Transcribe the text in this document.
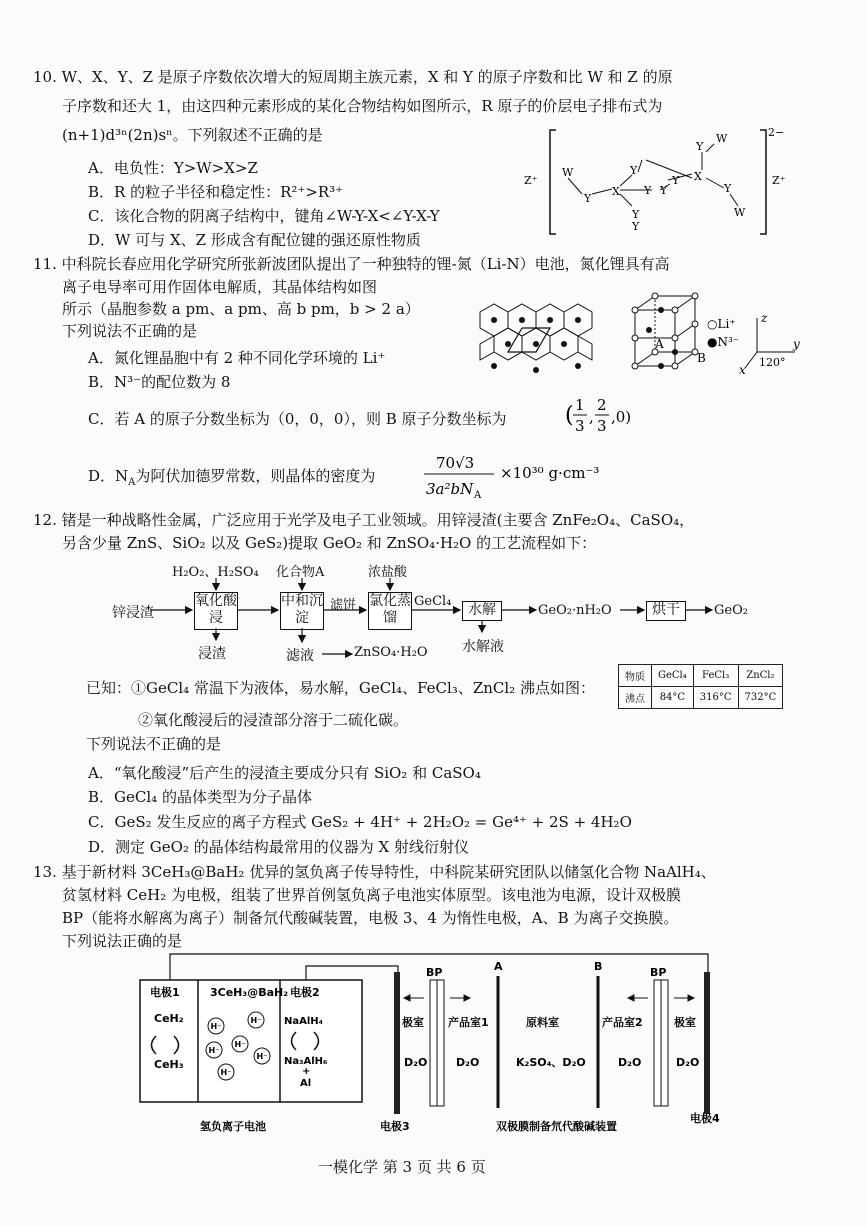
10. W、X、Y、Z 是原子序数依次增大的短周期主族元素，X 和 Y 的原子序数和比 W 和 Z 的原
子序数和还大 1，由这四种元素形成的某化合物结构如图所示，R 原子的价层电子排布式为
(n+1)d³ⁿ(2n)sⁿ。下列叙述不正确的是
A．电负性：Y>W>X>Z
B．R 的粒子半径和稳定性：R²⁺>R³⁺
C．该化合物的阴离子结构中，键角∠W-Y-X<∠Y-X-Y
D．W 可与 X、Z 形成含有配位键的强还原性物质
2−
Z⁺	Z⁺
W
Y
X
Y
Y
Y Y
Y
Y X
Y
W
Y
W
11. 中科院长春应用化学研究所张新波团队提出了一种独特的锂-氮（Li-N）电池，氮化锂具有高
离子电导率可用作固体电解质，其晶体结构如图
所示（晶胞参数 a pm、a pm、高 b pm，b > 2 a）
下列说法不正确的是
A．氮化锂晶胞中有 2 种不同化学环境的 Li⁺
B．N³⁻的配位数为 8
C．若 A 的原子分数坐标为（0，0，0），则 B 原子分数坐标为	( 1
3 ,
2
3 ,0)
D．$N_A$为阿伏加德罗常数，则晶体的密度为
70√3
3a²bN A
×10³⁰ g·cm⁻³
A
B
○Li⁺
●N³⁻
z
y
x
120°
12. 锗是一种战略性金属，广泛应用于光学及电子工业领域。用锌浸渣(主要含 ZnFe₂O₄、CaSO₄，
另含少量 ZnS、SiO₂ 以及 GeS₂)提取 GeO₂ 和 ZnSO₄·H₂O 的工艺流程如下：
H₂O₂、H₂SO₄ 化合物A	浓盐酸
锌浸渣
氧化酸浸
中和沉淀
氯化蒸馏	水解	烘干
滤饼	GeCl₄
GeO₂·nH₂O	GeO₂
浸渣	滤液	ZnSO₄·H₂O 水解液
已知：①GeCl₄ 常温下为液体，易水解，GeCl₄、FeCl₃、ZnCl₂ 沸点如图：
物质	GeCl₄	FeCl₃	ZnCl₂
沸点	84°C	316°C	732°C
②氧化酸浸后的浸渣部分溶于二硫化碳。
下列说法不正确的是
A．“氧化酸浸”后产生的浸渣主要成分只有 SiO₂ 和 CaSO₄
B．GeCl₄ 的晶体类型为分子晶体
C．GeS₂ 发生反应的离子方程式 GeS₂ + 4H⁺ + 2H₂O₂ = Ge⁴⁺ + 2S + 4H₂O
D．测定 GeO₂ 的晶体结构最常用的仪器为 X 射线衍射仪
13. 基于新材料 3CeH₃@BaH₂ 优异的氢负离子传导特性，中科院某研究团队以储氢化合物 NaAlH₄、
贫氢材料 CeH₂ 为电极，组装了世界首例氢负离子电池实体原型。该电池为电源，设计双极膜
BP（能将水解离为离子）制备氘代酸碱装置，电极 3、4 为惰性电极，A、B 为离子交换膜。
下列说法正确的是
电极1	3CeH₃@BaH₂ 电极2
CeH₂
CeH₃
H⁻
H⁻
H⁻
H⁻
H⁻
H⁻
NaAlH₄
Na₃AlH₆
+
Al
氢负离子电池
BP	BP
A	B
极室 产品室1	原料室	产品室2	极室
D₂O	D₂O	K₂SO₄、D₂O	D₂O	D₂O
电极3	双极膜制备氘代酸碱装置
电极4
一模化学 第 3 页 共 6 页
